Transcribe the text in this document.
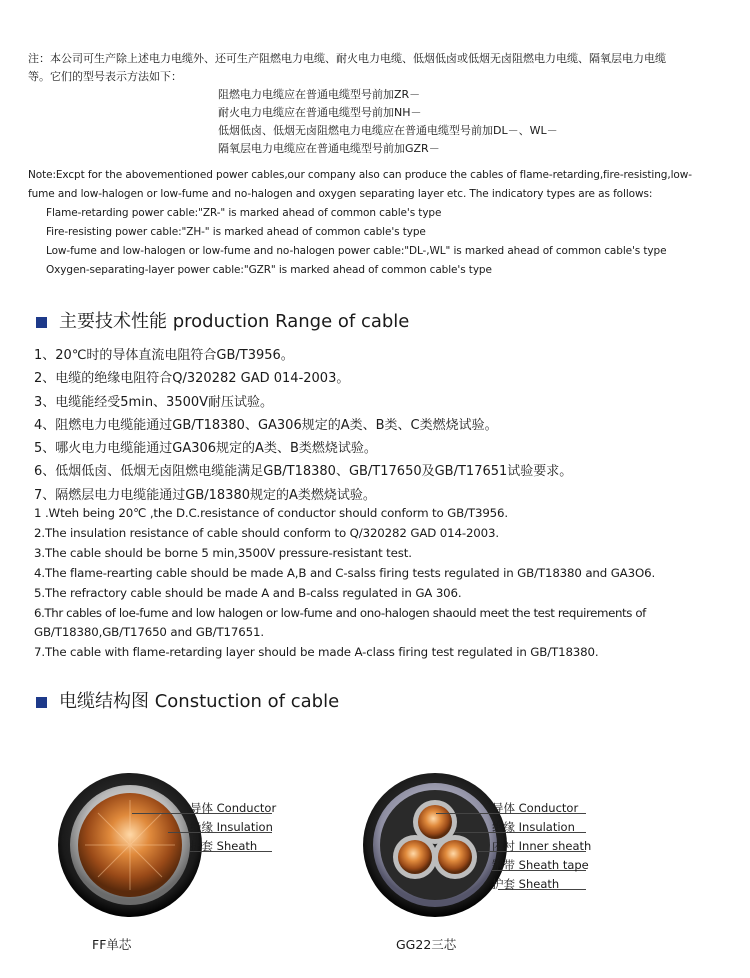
注：本公司可生产除上述电力电缆外、还可生产阻燃电力电缆、耐火电力电缆、低烟低卤或低烟无卤阻燃电力电缆、隔氧层电力电缆
等。它们的型号表示方法如下：
阻燃电力电缆应在普通电缆型号前加ZR－
耐火电力电缆应在普通电缆型号前加NH－
低烟低卤、低烟无卤阻燃电力电缆应在普通电缆型号前加DL－、WL－
隔氧层电力电缆应在普通电缆型号前加GZR－
Note:Excpt for the abovementioned power cables,our company also can produce the cables of flame-retarding,fire-resisting,low-
fume and low-halogen or low-fume and no-halogen and oxygen separating layer etc. The indicatory types are as follows:
Flame-retarding power cable:"ZR-" is marked ahead of common cable's type
Fire-resisting power cable:"ZH-" is marked ahead of common cable's type
Low-fume and low-halogen or low-fume and no-halogen power cable:"DL-,WL" is marked ahead of common cable's type
Oxygen-separating-layer power cable:"GZR" is marked ahead of common cable's type
主要技术性能 production Range of cable
1、20℃时的导体直流电阻符合GB/T3956。
2、电缆的绝缘电阻符合Q/320282 GAD 014-2003。
3、电缆能经受5min、3500V耐压试验。
4、阻燃电力电缆能通过GB/T18380、GA306规定的A类、B类、C类燃烧试验。
5、哪火电力电缆能通过GA306规定的A类、B类燃烧试验。
6、低烟低卤、低烟无卤阻燃电缆能满足GB/T18380、GB/T17650及GB/T17651试验要求。
7、隔燃层电力电缆能通过GB/18380规定的A类燃烧试验。
1 .Wteh being 20℃ ,the D.C.resistance of conductor should conform to GB/T3956.
2.The insulation resistance of cable should conform to Q/320282 GAD 014-2003.
3.The cable should be borne 5 min,3500V pressure-resistant test.
4.The flame-rearting cable should be made A,B and C-salss firing tests regulated in GB/T18380 and GA3O6.
5.The refractory cable should be made A and B-calss regulated in GA 306.
6.Thr cables of loe-fume and low halogen or low-fume and ono-halogen shaould meet the test requirements of
GB/T18380,GB/T17650 and GB/T17651.
7.The cable with flame-retarding layer should be made A-class firing test regulated in GB/T18380.
电缆结构图 Constuction of cable
导体 Conductor
绝缘 Insulation
护套 Sheath
FF单芯
导体 Conductor
绝缘 Insulation
内衬 Inner sheath
钢带 Sheath tape
护套 Sheath
GG22三芯
